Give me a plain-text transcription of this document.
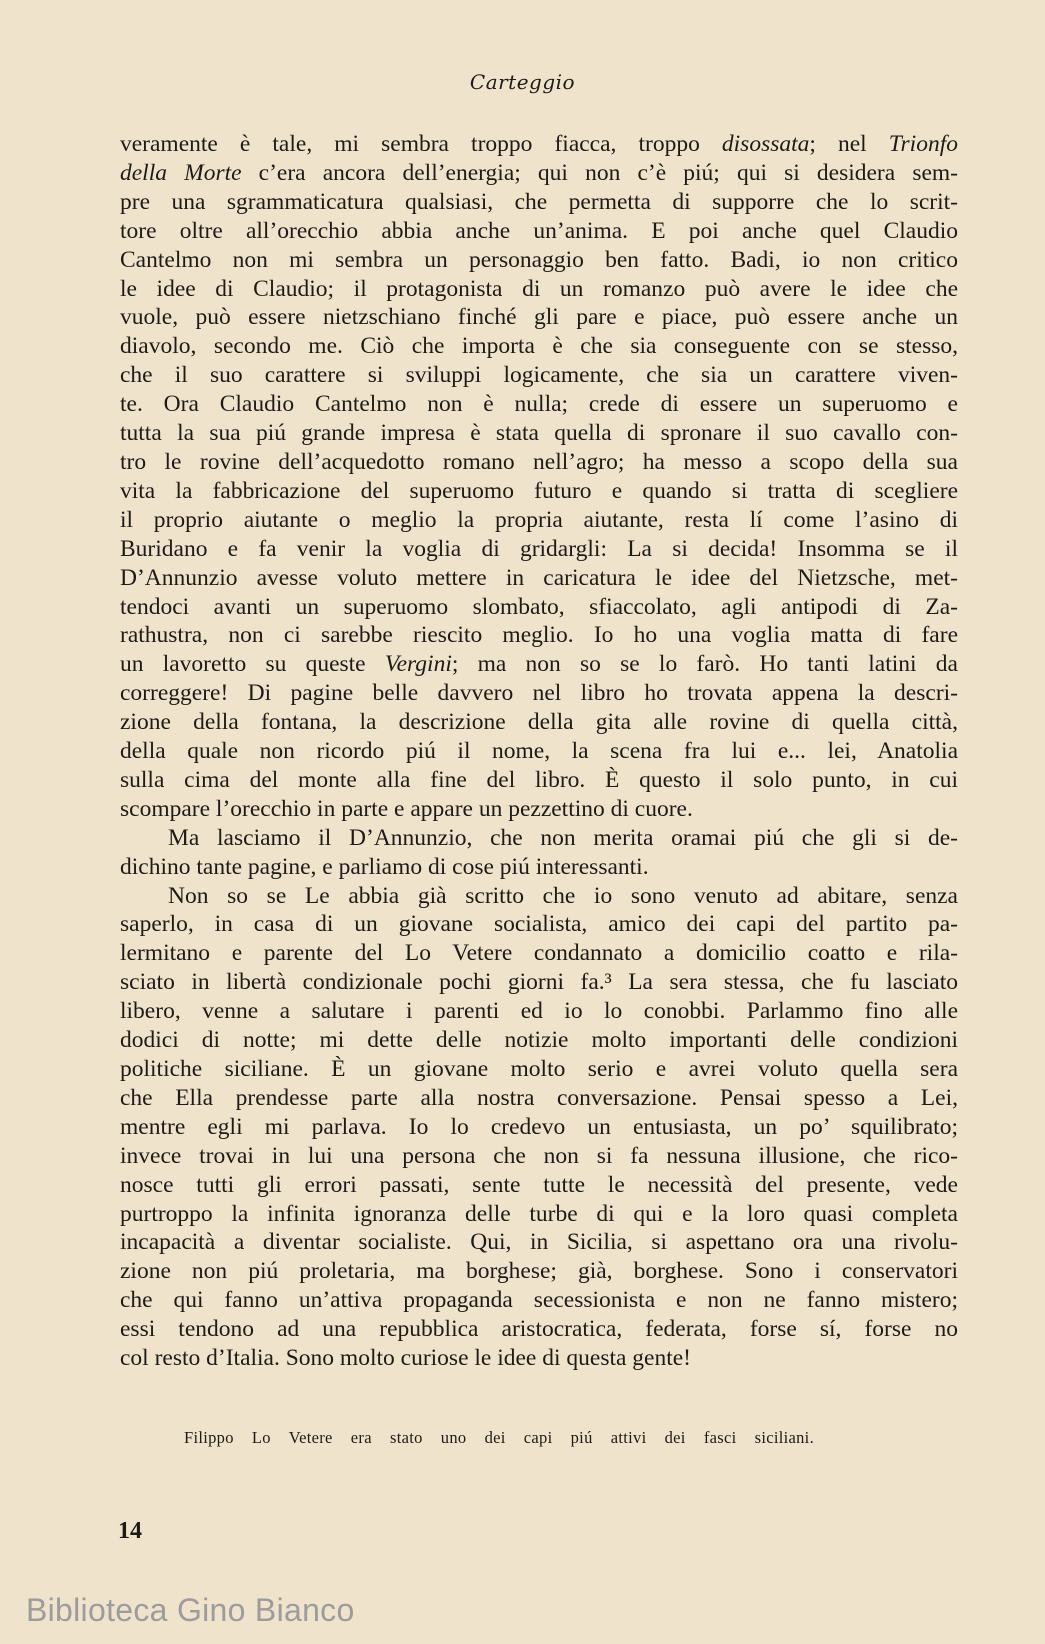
Carteggio
veramente è tale, mi sembra troppo fiacca, troppo disossata; nel Trionfo
della Morte c’era ancora dell’energia; qui non c’è piú; qui si desidera sem-
pre una sgrammaticatura qualsiasi, che permetta di supporre che lo scrit-
tore oltre all’orecchio abbia anche un’anima. E poi anche quel Claudio
Cantelmo non mi sembra un personaggio ben fatto. Badi, io non critico
le idee di Claudio; il protagonista di un romanzo può avere le idee che
vuole, può essere nietzschiano finché gli pare e piace, può essere anche un
diavolo, secondo me. Ciò che importa è che sia conseguente con se stesso,
che il suo carattere si sviluppi logicamente, che sia un carattere viven-
te. Ora Claudio Cantelmo non è nulla; crede di essere un superuomo e
tutta la sua piú grande impresa è stata quella di spronare il suo cavallo con-
tro le rovine dell’acquedotto romano nell’agro; ha messo a scopo della sua
vita la fabbricazione del superuomo futuro e quando si tratta di scegliere
il proprio aiutante o meglio la propria aiutante, resta lí come l’asino di
Buridano e fa venir la voglia di gridargli: La si decida! Insomma se il
D’Annunzio avesse voluto mettere in caricatura le idee del Nietzsche, met-
tendoci avanti un superuomo slombato, sfiaccolato, agli antipodi di Za-
rathustra, non ci sarebbe riescito meglio. Io ho una voglia matta di fare
un lavoretto su queste Vergini; ma non so se lo farò. Ho tanti latini da
correggere! Di pagine belle davvero nel libro ho trovata appena la descri-
zione della fontana, la descrizione della gita alle rovine di quella città,
della quale non ricordo piú il nome, la scena fra lui e... lei, Anatolia
sulla cima del monte alla fine del libro. È questo il solo punto, in cui
scompare l’orecchio in parte e appare un pezzettino di cuore.
Ma lasciamo il D’Annunzio, che non merita oramai piú che gli si de-
dichino tante pagine, e parliamo di cose piú interessanti.
Non so se Le abbia già scritto che io sono venuto ad abitare, senza
saperlo, in casa di un giovane socialista, amico dei capi del partito pa-
lermitano e parente del Lo Vetere condannato a domicilio coatto e rila-
sciato in libertà condizionale pochi giorni fa.³ La sera stessa, che fu lasciato
libero, venne a salutare i parenti ed io lo conobbi. Parlammo fino alle
dodici di notte; mi dette delle notizie molto importanti delle condizioni
politiche siciliane. È un giovane molto serio e avrei voluto quella sera
che Ella prendesse parte alla nostra conversazione. Pensai spesso a Lei,
mentre egli mi parlava. Io lo credevo un entusiasta, un po’ squilibrato;
invece trovai in lui una persona che non si fa nessuna illusione, che rico-
nosce tutti gli errori passati, sente tutte le necessità del presente, vede
purtroppo la infinita ignoranza delle turbe di qui e la loro quasi completa
incapacità a diventar socialiste. Qui, in Sicilia, si aspettano ora una rivolu-
zione non piú proletaria, ma borghese; già, borghese. Sono i conservatori
che qui fanno un’attiva propaganda secessionista e non ne fanno mistero;
essi tendono ad una repubblica aristocratica, federata, forse sí, forse no
col resto d’Italia. Sono molto curiose le idee di questa gente!
Filippo Lo Vetere era stato uno dei capi piú attivi dei fasci siciliani.
14
Biblioteca Gino Bianco
